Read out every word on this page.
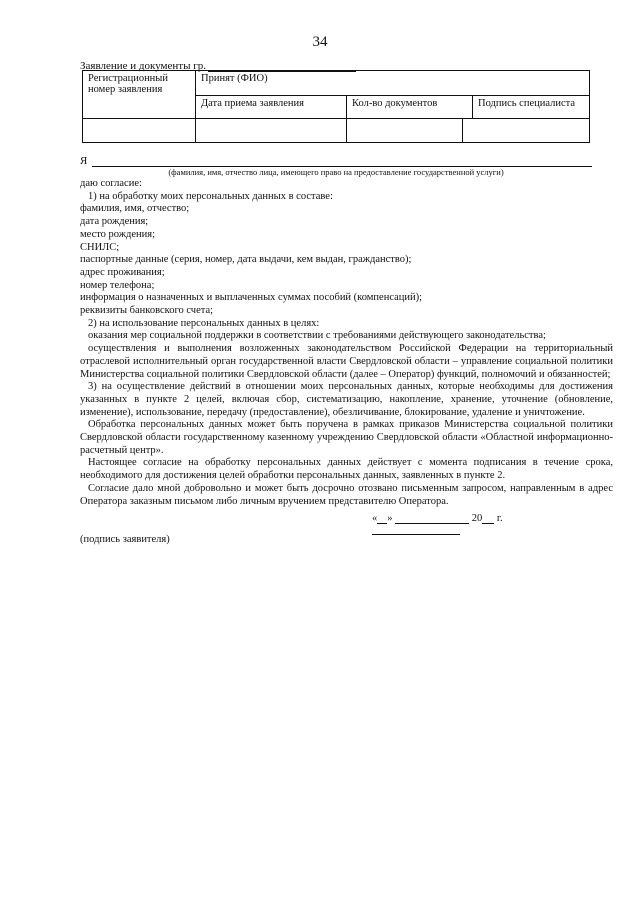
34
Заявление и документы гр.
Регистрационный номер заявления	
Принят (ФИО)
Дата приема заявления	Кол-во документов	Подпись специалиста

Я
(фамилия, имя, отчество лица, имеющего право на предоставление государственной услуги)

даю согласие:

1) на обработку моих персональных данных в составе:

фамилия, имя, отчество;

дата рождения;

место рождения;

СНИЛС;

паспортные данные (серия, номер, дата выдачи, кем выдан, гражданство);

адрес проживания;

номер телефона;

информация о назначенных и выплаченных суммах пособий (компенсаций);

реквизиты банковского счета;

2) на использование персональных данных в целях:

оказания мер социальной поддержки в соответствии с требованиями действующего законодательства;

осуществления и выполнения возложенных законодательством Российской Федерации на территориальный отраслевой исполнительный орган государственной власти Свердловской области – управление социальной политики Министерства социальной политики Свердловской области (далее – Оператор) функций, полномочий и обязанностей;

3) на осуществление действий в отношении моих персональных данных, которые необходимы для достижения указанных в пункте 2 целей, включая сбор, систематизацию, накопление, хранение, уточнение (обновление, изменение), использование, передачу (предоставление), обезличивание, блокирование, удаление и уничтожение.

Обработка персональных данных может быть поручена в рамках приказов Министерства социальной политики Свердловской области государственному казенному учреждению Свердловской области «Областной информационно-расчетный центр».

Настоящее согласие на обработку персональных данных действует с момента подписания в течение срока, необходимого для достижения целей обработки персональных данных, заявленных в пункте 2.

Согласие дало мной добровольно и может быть досрочно отозвано письменным запросом, направленным в адрес Оператора заказным письмом либо личным вручением представителю Оператора.

« »	20 г.
(подпись заявителя)
